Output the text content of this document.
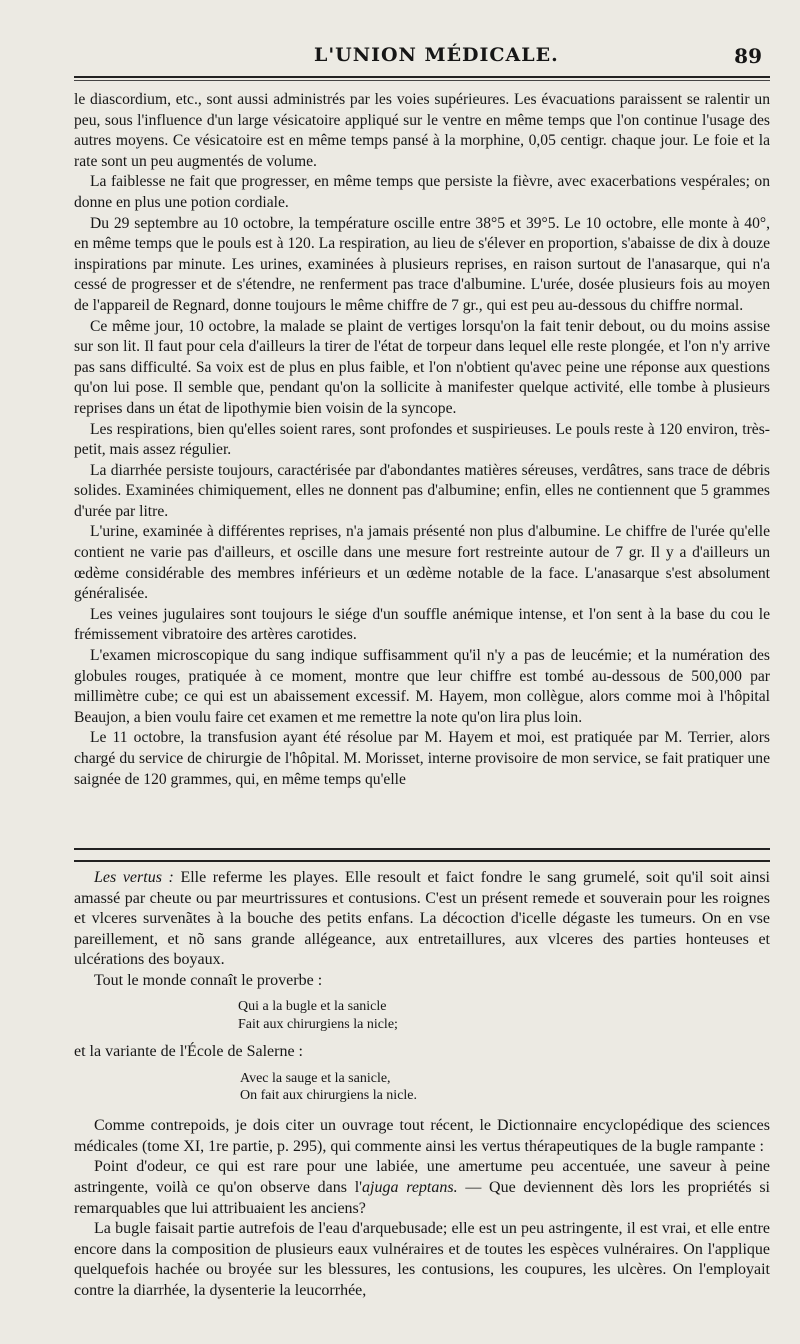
L'UNION MÉDICALE.	89

le diascordium, etc., sont aussi administrés par les voies supérieures. Les évacuations paraissent se ralentir un peu, sous l'influence d'un large vésicatoire appliqué sur le ventre en même temps que l'on continue l'usage des autres moyens. Ce vésicatoire est en même temps pansé à la morphine, 0,05 centigr. chaque jour. Le foie et la rate sont un peu augmentés de volume.

La faiblesse ne fait que progresser, en même temps que persiste la fièvre, avec exacerbations vespérales; on donne en plus une potion cordiale.

Du 29 septembre au 10 octobre, la température oscille entre 38°5 et 39°5. Le 10 octobre, elle monte à 40°, en même temps que le pouls est à 120. La respiration, au lieu de s'élever en proportion, s'abaisse de dix à douze inspirations par minute. Les urines, examinées à plusieurs reprises, en raison surtout de l'anasarque, qui n'a cessé de progresser et de s'étendre, ne renferment pas trace d'albumine. L'urée, dosée plusieurs fois au moyen de l'appareil de Regnard, donne toujours le même chiffre de 7 gr., qui est peu au-dessous du chiffre normal.

Ce même jour, 10 octobre, la malade se plaint de vertiges lorsqu'on la fait tenir debout, ou du moins assise sur son lit. Il faut pour cela d'ailleurs la tirer de l'état de torpeur dans lequel elle reste plongée, et l'on n'y arrive pas sans difficulté. Sa voix est de plus en plus faible, et l'on n'obtient qu'avec peine une réponse aux questions qu'on lui pose. Il semble que, pendant qu'on la sollicite à manifester quelque activité, elle tombe à plusieurs reprises dans un état de lipothymie bien voisin de la syncope.

Les respirations, bien qu'elles soient rares, sont profondes et suspirieuses. Le pouls reste à 120 environ, très-petit, mais assez régulier.

La diarrhée persiste toujours, caractérisée par d'abondantes matières séreuses, verdâtres, sans trace de débris solides. Examinées chimiquement, elles ne donnent pas d'albumine; enfin, elles ne contiennent que 5 grammes d'urée par litre.

L'urine, examinée à différentes reprises, n'a jamais présenté non plus d'albumine. Le chiffre de l'urée qu'elle contient ne varie pas d'ailleurs, et oscille dans une mesure fort restreinte autour de 7 gr. Il y a d'ailleurs un œdème considérable des membres inférieurs et un œdème notable de la face. L'anasarque s'est absolument généralisée.

Les veines jugulaires sont toujours le siége d'un souffle anémique intense, et l'on sent à la base du cou le frémissement vibratoire des artères carotides.

L'examen microscopique du sang indique suffisamment qu'il n'y a pas de leucémie; et la numération des globules rouges, pratiquée à ce moment, montre que leur chiffre est tombé au-dessous de 500,000 par millimètre cube; ce qui est un abaissement excessif. M. Hayem, mon collègue, alors comme moi à l'hôpital Beaujon, a bien voulu faire cet examen et me remettre la note qu'on lira plus loin.

Le 11 octobre, la transfusion ayant été résolue par M. Hayem et moi, est pratiquée par M. Terrier, alors chargé du service de chirurgie de l'hôpital. M. Morisset, interne provisoire de mon service, se fait pratiquer une saignée de 120 grammes, qui, en même temps qu'elle

Les vertus : Elle referme les playes. Elle resoult et faict fondre le sang grumelé, soit qu'il soit ainsi amassé par cheute ou par meurtrissures et contusions. C'est un présent remede et souverain pour les roignes et vlceres survenãtes à la bouche des petits enfans. La décoction d'icelle dégaste les tumeurs. On en vse pareillement, et nõ sans grande allégeance, aux entretaillures, aux vlceres des parties honteuses et ulcérations des boyaux.

Tout le monde connaît le proverbe :

Qui a la bugle et la sanicle
Fait aux chirurgiens la nicle;

et la variante de l'École de Salerne :

Avec la sauge et la sanicle,
On fait aux chirurgiens la nicle.

Comme contrepoids, je dois citer un ouvrage tout récent, le Dictionnaire encyclopédique des sciences médicales (tome XI, 1re partie, p. 295), qui commente ainsi les vertus thérapeutiques de la bugle rampante :

Point d'odeur, ce qui est rare pour une labiée, une amertume peu accentuée, une saveur à peine astringente, voilà ce qu'on observe dans l'ajuga reptans. — Que deviennent dès lors les propriétés si remarquables que lui attribuaient les anciens?

La bugle faisait partie autrefois de l'eau d'arquebusade; elle est un peu astringente, il est vrai, et elle entre encore dans la composition de plusieurs eaux vulnéraires et de toutes les espèces vulnéraires. On l'applique quelquefois hachée ou broyée sur les blessures, les contusions, les coupures, les ulcères. On l'employait contre la diarrhée, la dysenterie la leucorrhée,
